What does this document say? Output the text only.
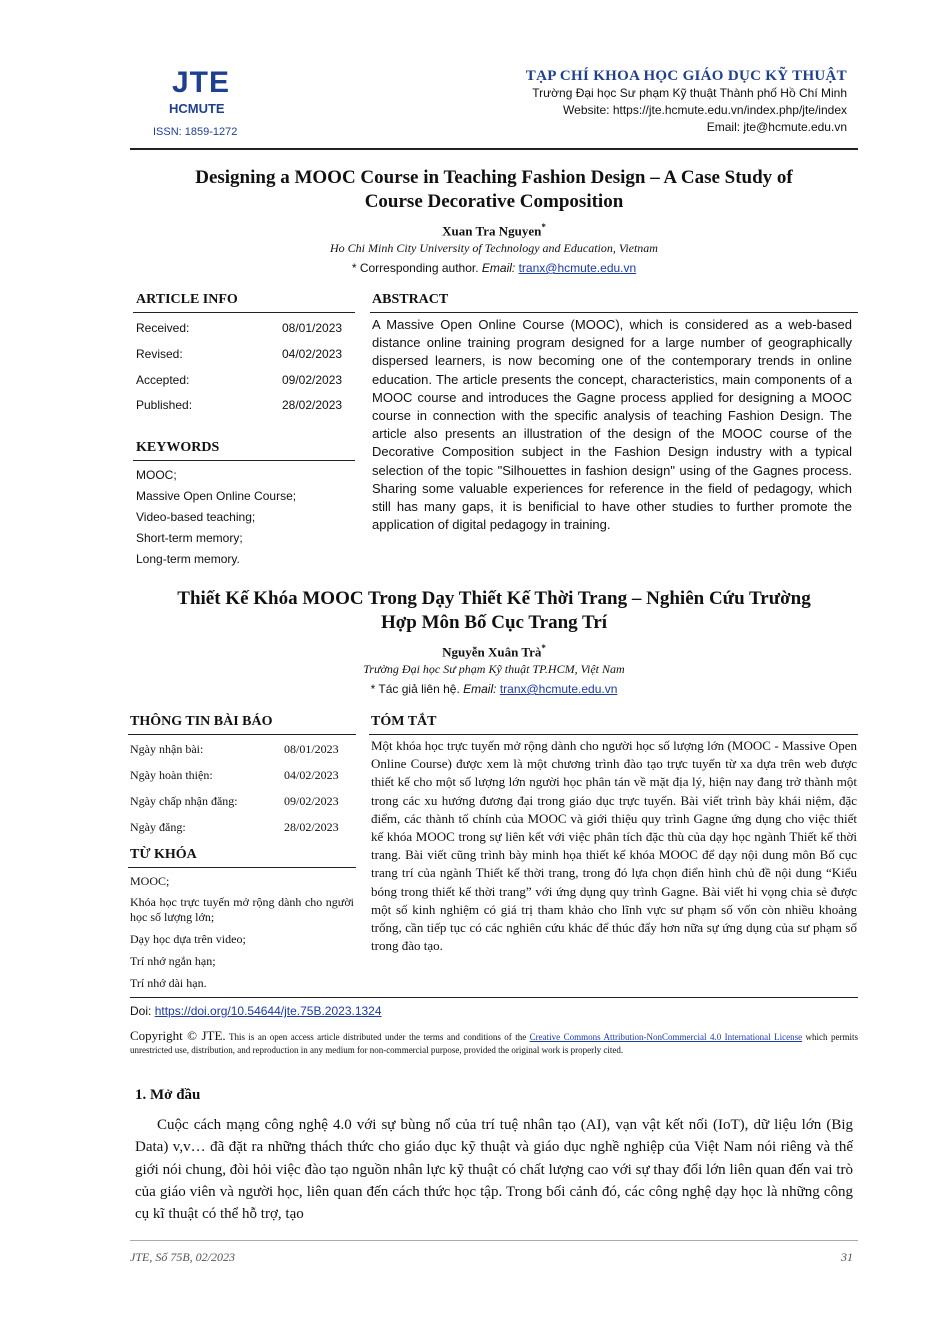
JTE
HCMUTE
ISSN: 1859-1272
TẠP CHÍ KHOA HỌC GIÁO DỤC KỸ THUẬT
Trường Đại học Sư phạm Kỹ thuật Thành phố Hồ Chí Minh
Website: https://jte.hcmute.edu.vn/index.php/jte/index
Email: jte@hcmute.edu.vn
Designing a MOOC Course in Teaching Fashion Design – A Case Study of
Course Decorative Composition
Xuan Tra Nguyen*
Ho Chi Minh City University of Technology and Education, Vietnam
* Corresponding author. Email: tranx@hcmute.edu.vn
ARTICLE INFO
Received:	08/01/2023
Revised:	04/02/2023
Accepted:	09/02/2023
Published:	28/02/2023
KEYWORDS
MOOC;
Massive Open Online Course;
Video-based teaching;
Short-term memory;
Long-term memory.
ABSTRACT
A Massive Open Online Course (MOOC), which is considered as a web-based distance online training program designed for a large number of geographically dispersed learners, is now becoming one of the contemporary trends in online education. The article presents the concept, characteristics, main components of a MOOC course and introduces the Gagne process applied for designing a MOOC course in connection with the specific analysis of teaching Fashion Design. The article also presents an illustration of the design of the MOOC course of the Decorative Composition subject in the Fashion Design industry with a typical selection of the topic "Silhouettes in fashion design" using of the Gagnes process. Sharing some valuable experiences for reference in the field of pedagogy, which still has many gaps, it is benificial to have other studies to further promote the application of digital pedagogy in training.
Thiết Kế Khóa MOOC Trong Dạy Thiết Kế Thời Trang – Nghiên Cứu Trường
Hợp Môn Bố Cục Trang Trí
Nguyễn Xuân Trà*
Trường Đại học Sư phạm Kỹ thuật TP.HCM, Việt Nam
* Tác giả liên hệ. Email: tranx@hcmute.edu.vn
THÔNG TIN BÀI BÁO
Ngày nhận bài:	08/01/2023
Ngày hoàn thiện:	04/02/2023
Ngày chấp nhận đăng:	09/02/2023
Ngày đăng:	28/02/2023
TỪ KHÓA
MOOC;
Khóa học trực tuyến mở rộng dành cho người học số lượng lớn;
Dạy học dựa trên video;
Trí nhớ ngắn hạn;
Trí nhớ dài hạn.
TÓM TẮT
Một khóa học trực tuyến mở rộng dành cho người học số lượng lớn (MOOC - Massive Open Online Course) được xem là một chương trình đào tạo trực tuyến từ xa dựa trên web được thiết kế cho một số lượng lớn người học phân tán về mặt địa lý, hiện nay đang trở thành một trong các xu hướng đương đại trong giáo dục trực tuyến. Bài viết trình bày khái niệm, đặc điểm, các thành tố chính của MOOC và giới thiệu quy trình Gagne ứng dụng cho việc thiết kế khóa MOOC trong sự liên kết với việc phân tích đặc thù của dạy học ngành Thiết kế thời trang. Bài viết cũng trình bày minh họa thiết kế khóa MOOC để dạy nội dung môn Bố cục trang trí của ngành Thiết kế thời trang, trong đó lựa chọn điển hình chủ đề nội dung “Kiểu bóng trong thiết kế thời trang” với ứng dụng quy trình Gagne. Bài viết hi vọng chia sẻ được một số kinh nghiệm có giá trị tham khảo cho lĩnh vực sư phạm số vốn còn nhiều khoảng trống, cần tiếp tục có các nghiên cứu khác để thúc đẩy hơn nữa sự ứng dụng của sư phạm số trong đào tạo.
Doi: https://doi.org/10.54644/jte.75B.2023.1324
Copyright © JTE. This is an open access article distributed under the terms and conditions of the Creative Commons Attribution-NonCommercial 4.0 International License which permits unrestricted use, distribution, and reproduction in any medium for non-commercial purpose, provided the original work is properly cited.
1. Mở đầu
Cuộc cách mạng công nghệ 4.0 với sự bùng nổ của trí tuệ nhân tạo (AI), vạn vật kết nối (IoT), dữ liệu lớn (Big Data) v,v… đã đặt ra những thách thức cho giáo dục kỹ thuật và giáo dục nghề nghiệp của Việt Nam nói riêng và thế giới nói chung, đòi hỏi việc đào tạo nguồn nhân lực kỹ thuật có chất lượng cao với sự thay đổi lớn liên quan đến vai trò của giáo viên và người học, liên quan đến cách thức học tập. Trong bối cảnh đó, các công nghệ dạy học là những công cụ kĩ thuật có thể hỗ trợ, tạo
JTE, Số 75B, 02/2023	31
